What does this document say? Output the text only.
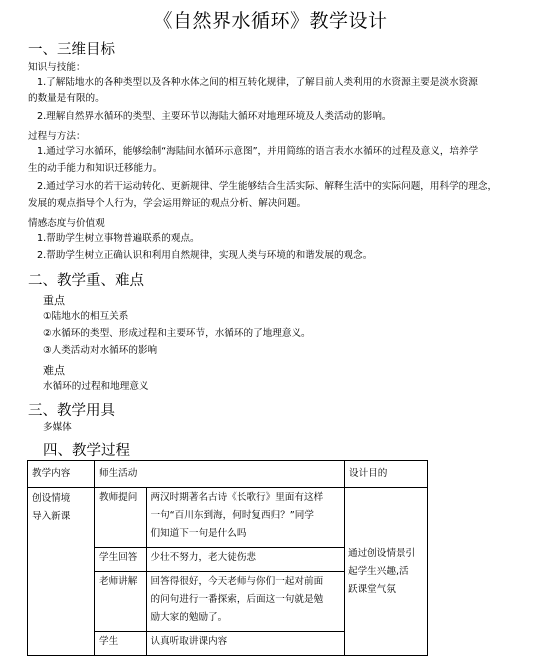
《自然界水循环》教学设计
一、三维目标
知识与技能：
1.了解陆地水的各种类型以及各种水体之间的相互转化规律，了解目前人类利用的水资源主要是淡水资源
的数量是有限的。
2.理解自然界水循环的类型、主要环节以海陆大循环对地理环境及人类活动的影响。
过程与方法：
1.通过学习水循环，能够绘制“海陆间水循环示意图”，并用简练的语言表水水循环的过程及意义，培养学
生的动手能力和知识迁移能力。
2.通过学习水的若干运动转化、更新规律、学生能够结合生活实际、解释生活中的实际问题，用科学的理念，
发展的观点指导个人行为，学会运用辩证的观点分析、解决问题。
情感态度与价值观
1.帮助学生树立事物普遍联系的观点。
2.帮助学生树立正确认识和利用自然规律，实现人类与环境的和谐发展的观念。
二、教学重、难点
重点
①陆地水的相互关系
②水循环的类型、形成过程和主要环节，水循环的了地理意义。
③人类活动对水循环的影响
难点
水循环的过程和地理意义
三、教学用具
多媒体
四、教学过程
教学内容	师生活动	设计目的

创设情境
导入新课

教师提问	两汉时期著名古诗《长歌行》里面有这样
一句“百川东到海，何时复西归？”同学
们知道下一句是什么吗

学生回答	少壮不努力，老大徒伤悲

老师讲解	回答得很好，今天老师与你们一起对前面
的问句进行一番探索，后面这一句就是勉
励大家的勉励了。

学生	认真听取讲课内容

通过创设情景引
起学生兴趣,活
跃课堂气氛
